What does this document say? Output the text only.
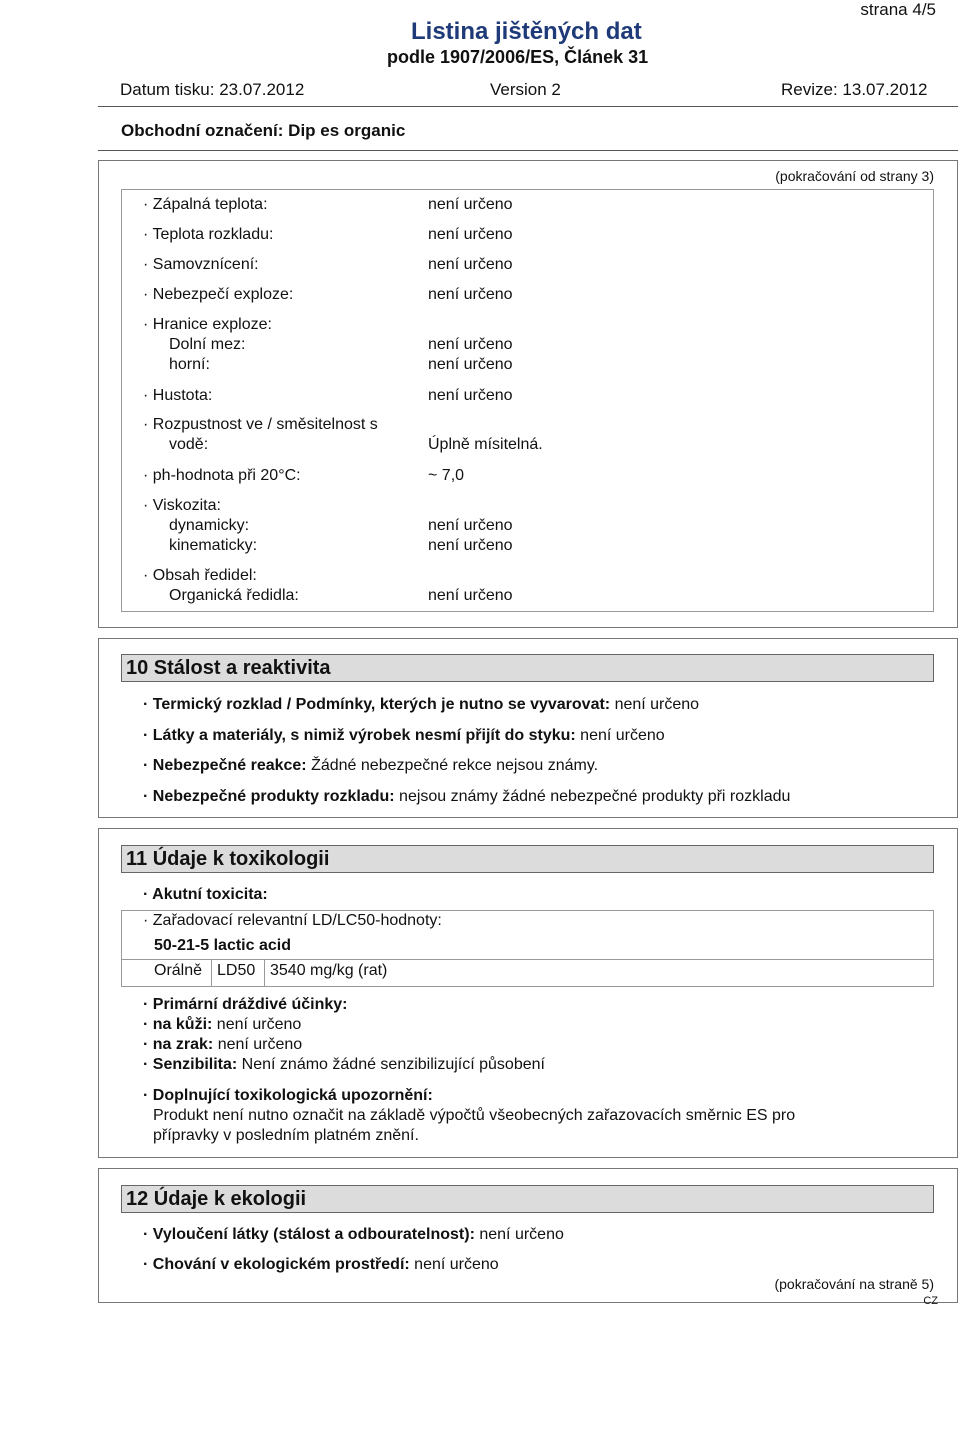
strana 4/5
Listina jištěných dat
podle 1907/2006/ES, Článek 31
Datum tisku: 23.07.2012	Version 2	Revize: 13.07.2012
Obchodní označení: Dip es organic
(pokračování od strany 3)
· Zápalná teplota:	není určeno
· Teplota rozkladu:	není určeno
· Samovznícení:	není určeno
· Nebezpečí exploze:	není určeno
· Hranice exploze:
Dolní mez:	není určeno
horní:	není určeno
· Hustota:	není určeno
· Rozpustnost ve / směsitelnost s
vodě:	Úplně mísitelná.
· ph-hodnota při 20°C:	~ 7,0
· Viskozita:
dynamicky:	není určeno
kinematicky:	není určeno
· Obsah ředidel:
Organická ředidla:	není určeno
10 Stálost a reaktivita
· Termický rozklad / Podmínky, kterých je nutno se vyvarovat: není určeno
· Látky a materiály, s nimiž výrobek nesmí přijít do styku: není určeno
· Nebezpečné reakce: Žádné nebezpečné rekce nejsou známy.
· Nebezpečné produkty rozkladu: nejsou známy žádné nebezpečné produkty při rozkladu
11 Údaje k toxikologii
· Akutní toxicita:
· Zařadovací relevantní LD/LC50-hodnoty:
50-21-5 lactic acid
Orálně LD50 3540 mg/kg (rat)
· Primární dráždivé účinky:
· na kůži: není určeno
· na zrak: není určeno
· Senzibilita: Není známo žádné senzibilizující působení
· Doplnující toxikologická upozornění:
Produkt není nutno označit na základě výpočtů všeobecných zařazovacích směrnic ES pro
přípravky v posledním platném znění.
12 Údaje k ekologii
· Vyloučení látky (stálost a odbouratelnost): není určeno
· Chování v ekologickém prostředí: není určeno
(pokračování na straně 5)
CZ
